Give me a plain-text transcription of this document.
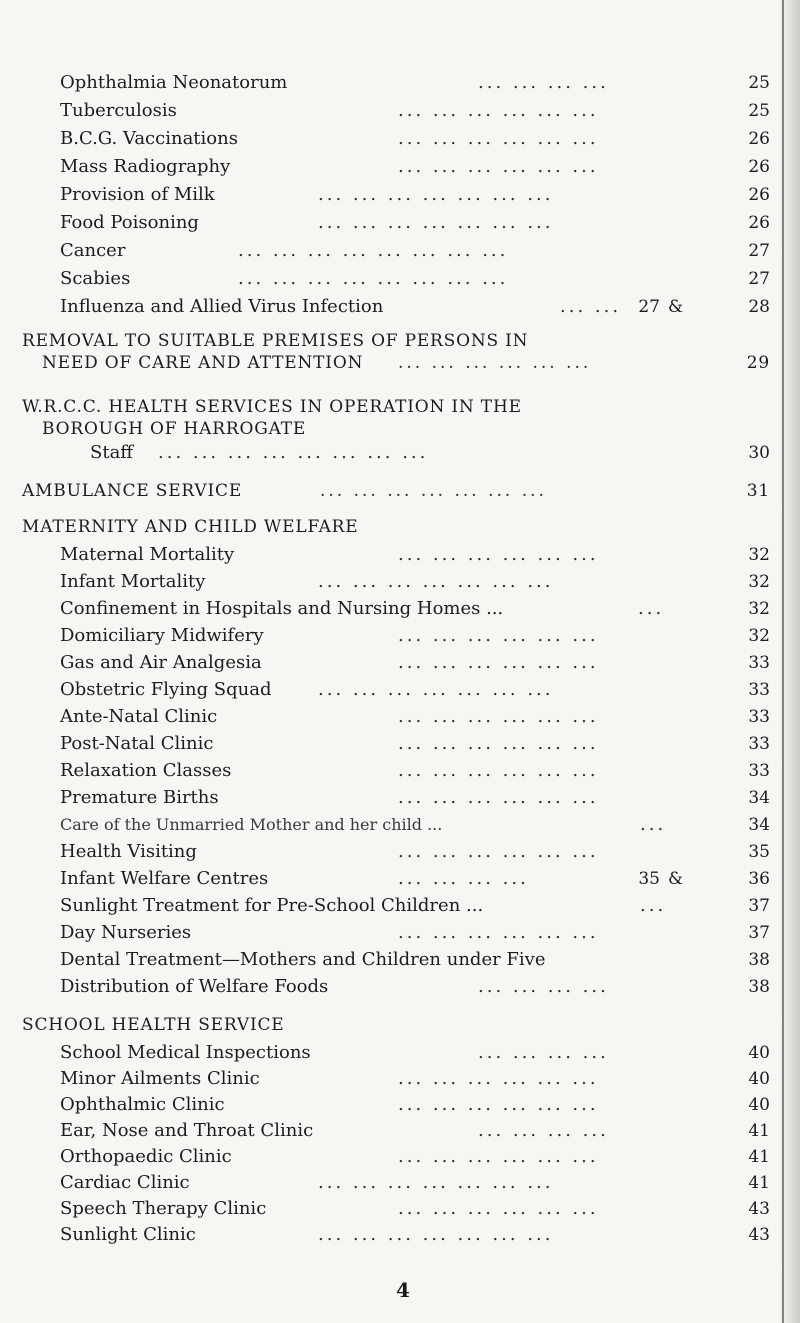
Ophthalmia Neonatorum	... ... ... ...	25
Tuberculosis	... ... ... ... ... ...	25
B.C.G. Vaccinations	... ... ... ... ... ...	26
Mass Radiography	... ... ... ... ... ...	26
Provision of Milk	... ... ... ... ... ... ...	26
Food Poisoning	... ... ... ... ... ... ...	26
Cancer	... ... ... ... ... ... ... ...	27
Scabies	... ... ... ... ... ... ... ...	27
Influenza and Allied Virus Infection	... ...	27 &	28
REMOVAL TO SUITABLE PREMISES OF PERSONS IN
NEED OF CARE AND ATTENTION ... ... ... ... ... ...	29
W.R.C.C. HEALTH SERVICES IN OPERATION IN THE
BOROUGH OF HARROGATE
Staff ... ... ... ... ... ... ... ...	30
AMBULANCE SERVICE	... ... ... ... ... ... ...	31
MATERNITY AND CHILD WELFARE
Maternal Mortality	... ... ... ... ... ...	32
Infant Mortality	... ... ... ... ... ... ...	32
Confinement in Hospitals and Nursing Homes ...	...	32
Domiciliary Midwifery	... ... ... ... ... ...	32
Gas and Air Analgesia	... ... ... ... ... ...	33
Obstetric Flying Squad	... ... ... ... ... ... ...	33
Ante-Natal Clinic	... ... ... ... ... ...	33
Post-Natal Clinic	... ... ... ... ... ...	33
Relaxation Classes	... ... ... ... ... ...	33
Premature Births	... ... ... ... ... ...	34
Care of the Unmarried Mother and her child ...	...	34
Health Visiting	... ... ... ... ... ...	35
Infant Welfare Centres	... ... ... ...	35 &	36
Sunlight Treatment for Pre-School Children ...	...	37
Day Nurseries	... ... ... ... ... ...	37
Dental Treatment—Mothers and Children under Five	38
Distribution of Welfare Foods	... ... ... ...	38
SCHOOL HEALTH SERVICE
School Medical Inspections	... ... ... ...	40
Minor Ailments Clinic	... ... ... ... ... ...	40
Ophthalmic Clinic	... ... ... ... ... ...	40
Ear, Nose and Throat Clinic	... ... ... ...	41
Orthopaedic Clinic	... ... ... ... ... ...	41
Cardiac Clinic	... ... ... ... ... ... ...	41
Speech Therapy Clinic	... ... ... ... ... ...	43
Sunlight Clinic	... ... ... ... ... ... ...	43
4
